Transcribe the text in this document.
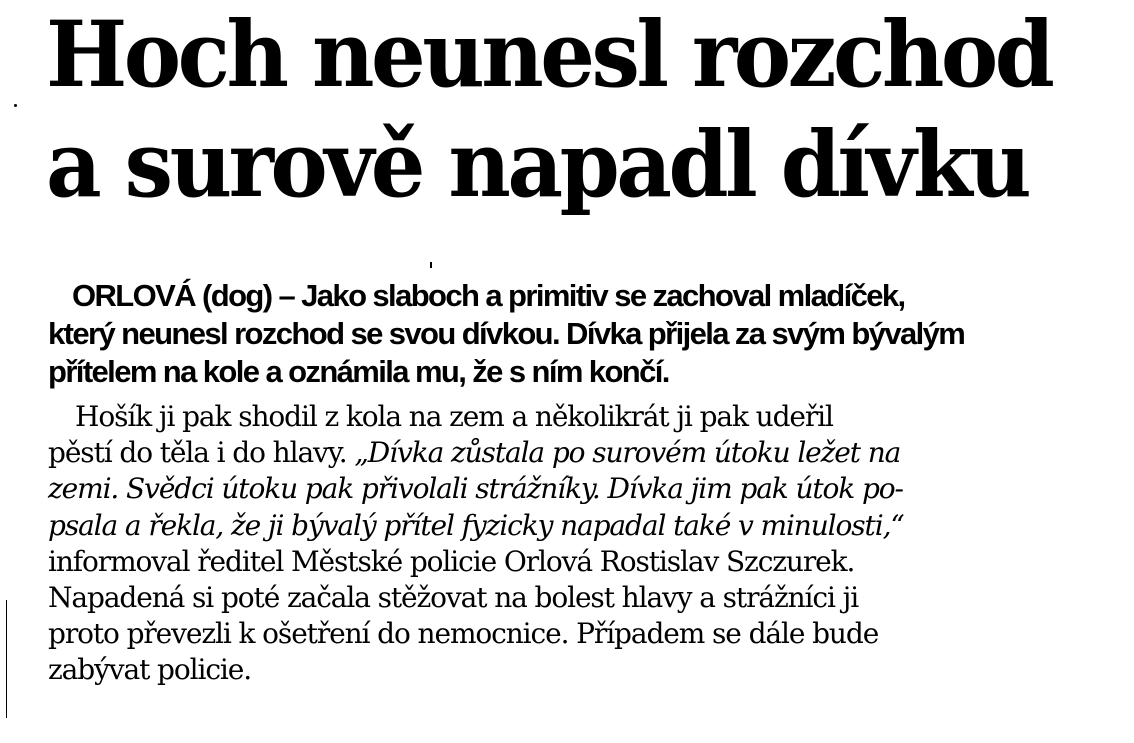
Hoch neunesl rozchod
a surově napadl dívku

ORLOVÁ (dog) – Jako slaboch a primitiv se zachoval mladíček,
který neunesl rozchod se svou dívkou. Dívka přijela za svým bývalým
přítelem na kole a oznámila mu, že s ním končí.

Hošík ji pak shodil z kola na zem a několikrát ji pak udeřil
pěstí do těla i do hlavy. „Dívka zůstala po surovém útoku ležet na
zemi. Svědci útoku pak přivolali strážníky. Dívka jim pak útok po-
psala a řekla, že ji bývalý přítel fyzicky napadal také v minulosti,“
informoval ředitel Městské policie Orlová Rostislav Szczurek.
Napadená si poté začala stěžovat na bolest hlavy a strážníci ji
proto převezli k ošetření do nemocnice. Případem se dále bude
zabývat policie.
